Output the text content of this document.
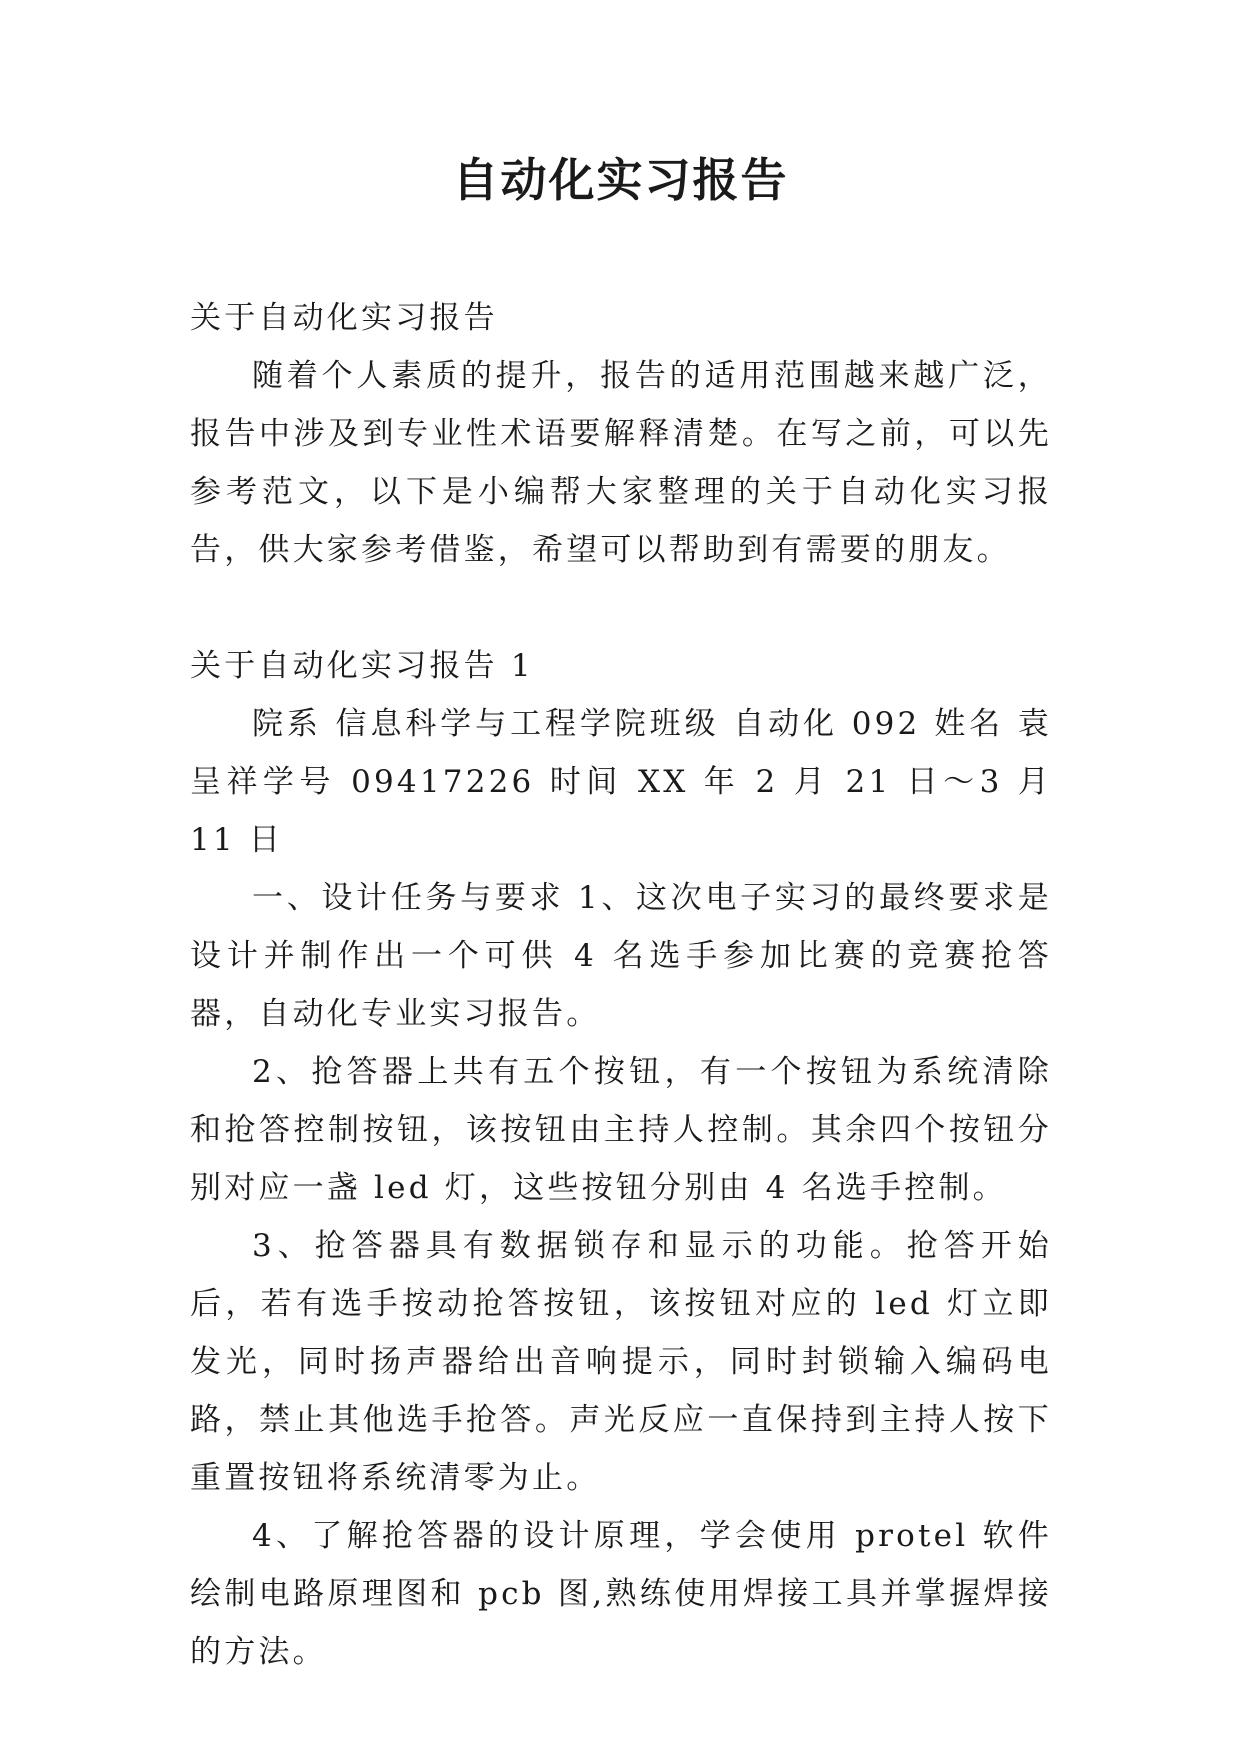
自动化实习报告

关于自动化实习报告

随着个人素质的提升，报告的适用范围越来越广泛，报告中涉及到专业性术语要解释清楚。在写之前，可以先参考范文，以下是小编帮大家整理的关于自动化实习报告，供大家参考借鉴，希望可以帮助到有需要的朋友。

关于自动化实习报告 1

院系 信息科学与工程学院班级 自动化 092 姓名 袁呈祥学号 09417226 时间 XX 年 2 月 21 日～3 月 11 日

一、设计任务与要求 1、这次电子实习的最终要求是设计并制作出一个可供 4 名选手参加比赛的竞赛抢答器，自动化专业实习报告。

2、抢答器上共有五个按钮，有一个按钮为系统清除和抢答控制按钮，该按钮由主持人控制。其余四个按钮分别对应一盏 led 灯，这些按钮分别由 4 名选手控制。

3、抢答器具有数据锁存和显示的功能。抢答开始后，若有选手按动抢答按钮，该按钮对应的 led 灯立即发光，同时扬声器给出音响提示，同时封锁输入编码电路，禁止其他选手抢答。声光反应一直保持到主持人按下重置按钮将系统清零为止。

4、了解抢答器的设计原理，学会使用 protel 软件绘制电路原理图和 pcb 图,熟练使用焊接工具并掌握焊接的方法。
